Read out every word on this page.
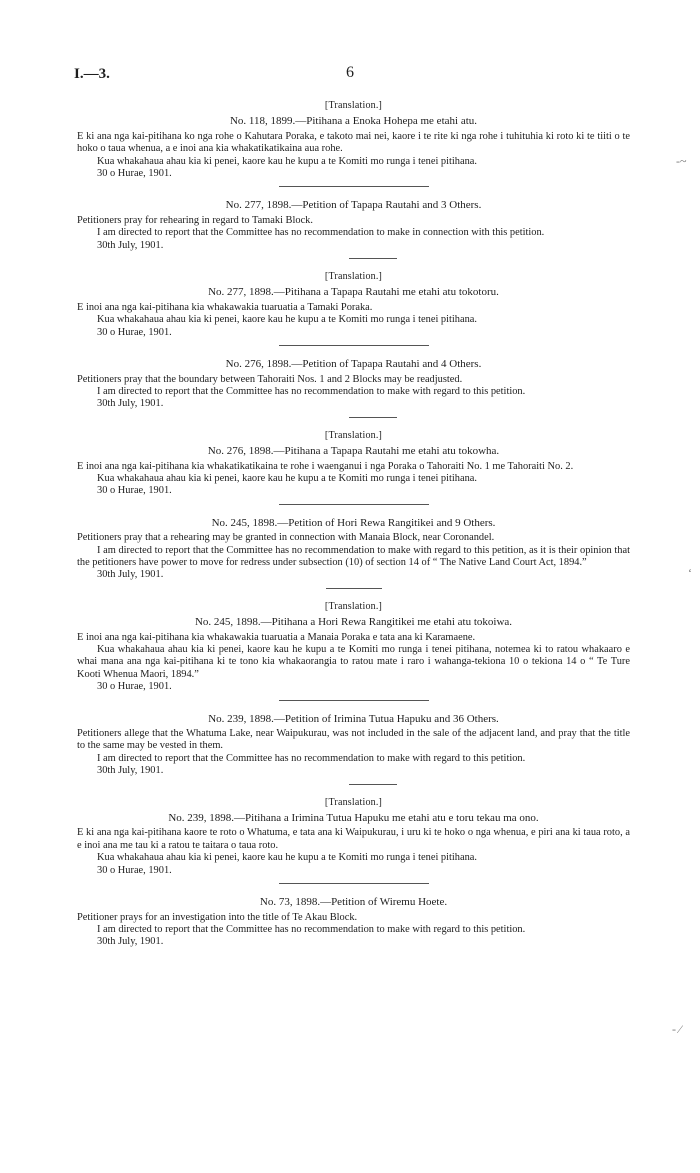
I.—3.	6
-~
‘
- ⁄
[Translation.]
No. 118, 1899.—Pitihana a Enoka Hohepa me etahi atu.

E ki ana nga kai-pitihana ko nga rohe o Kahutara Poraka, e takoto mai nei, kaore i te rite ki nga rohe i tuhituhia ki roto ki te tiiti o te hoko o taua whenua, a e inoi ana kia whakatikatikaina aua rohe.

Kua whakahaua ahau kia ki penei, kaore kau he kupu a te Komiti mo runga i tenei pitihana.

30 o Hurae, 1901.
No. 277, 1898.—Petition of Tapapa Rautahi and 3 Others.

Petitioners pray for rehearing in regard to Tamaki Block.

I am directed to report that the Committee has no recommendation to make in connection with this petition.

30th July, 1901.
[Translation.]
No. 277, 1898.—Pitihana a Tapapa Rautahi me etahi atu tokotoru.

E inoi ana nga kai-pitihana kia whakawakia tuaruatia a Tamaki Poraka.

Kua whakahaua ahau kia ki penei, kaore kau he kupu a te Komiti mo runga i tenei pitihana.

30 o Hurae, 1901.
No. 276, 1898.—Petition of Tapapa Rautahi and 4 Others.

Petitioners pray that the boundary between Tahoraiti Nos. 1 and 2 Blocks may be readjusted.

I am directed to report that the Committee has no recommendation to make with regard to this petition.

30th July, 1901.
[Translation.]
No. 276, 1898.—Pitihana a Tapapa Rautahi me etahi atu tokowha.

E inoi ana nga kai-pitihana kia whakatikatikaina te rohe i waenganui i nga Poraka o Tahoraiti No. 1 me Tahoraiti No. 2.

Kua whakahaua ahau kia ki penei, kaore kau he kupu a te Komiti mo runga i tenei pitihana.

30 o Hurae, 1901.
No. 245, 1898.—Petition of Hori Rewa Rangitikei and 9 Others.

Petitioners pray that a rehearing may be granted in connection with Manaia Block, near Coronandel.

I am directed to report that the Committee has no recommendation to make with regard to this petition, as it is their opinion that the petitioners have power to move for redress under subsection (10) of section 14 of “ The Native Land Court Act, 1894.”

30th July, 1901.
[Translation.]
No. 245, 1898.—Pitihana a Hori Rewa Rangitikei me etahi atu tokoiwa.

E inoi ana nga kai-pitihana kia whakawakia tuaruatia a Manaia Poraka e tata ana ki Karamaene.

Kua whakahaua ahau kia ki penei, kaore kau he kupu a te Komiti mo runga i tenei pitihana, notemea ki to ratou whakaaro e whai mana ana nga kai-pitihana ki te tono kia whakaorangia to ratou mate i raro i wahanga-tekiona 10 o tekiona 14 o “ Te Ture Kooti Whenua Maori, 1894.”

30 o Hurae, 1901.
No. 239, 1898.—Petition of Irimina Tutua Hapuku and 36 Others.

Petitioners allege that the Whatuma Lake, near Waipukurau, was not included in the sale of the adjacent land, and pray that the title to the same may be vested in them.

I am directed to report that the Committee has no recommendation to make with regard to this petition.

30th July, 1901.
[Translation.]
No. 239, 1898.—Pitihana a Irimina Tutua Hapuku me etahi atu e toru tekau ma ono.

E ki ana nga kai-pitihana kaore te roto o Whatuma, e tata ana ki Waipukurau, i uru ki te hoko o nga whenua, e piri ana ki taua roto, a e inoi ana me tau ki a ratou te taitara o taua roto.

Kua whakahaua ahau kia ki penei, kaore kau he kupu a te Komiti mo runga i tenei pitihana.

30 o Hurae, 1901.
No. 73, 1898.—Petition of Wiremu Hoete.

Petitioner prays for an investigation into the title of Te Akau Block.

I am directed to report that the Committee has no recommendation to make with regard to this petition.

30th July, 1901.
